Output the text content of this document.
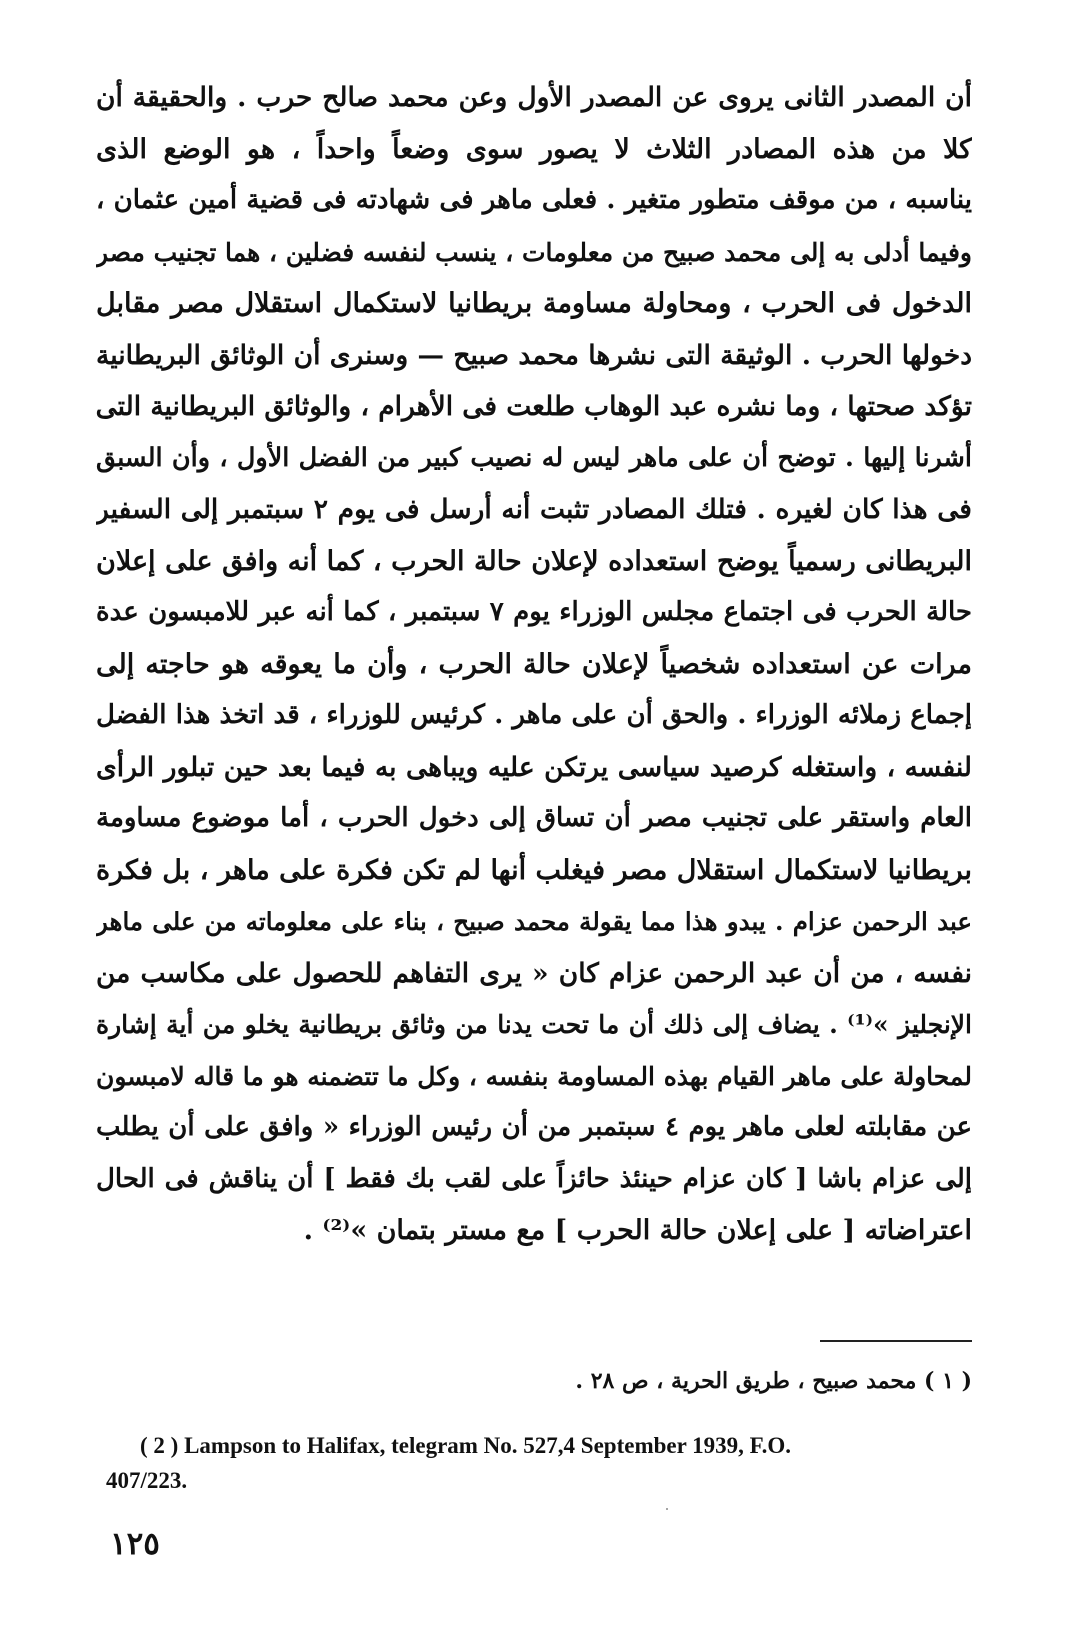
أن المصدر الثانى يروى عن المصدر الأول وعن محمد صالح حرب . والحقيقة أن
كلا من هذه المصادر الثلاث لا يصور سوى وضعاً واحداً ، هو الوضع الذى
يناسبه ، من موقف متطور متغير . فعلى ماهر فى شهادته فى قضية أمين عثمان ،
وفيما أدلى به إلى محمد صبيح من معلومات ، ينسب لنفسه فضلين ، هما تجنيب مصر
الدخول فى الحرب ، ومحاولة مساومة بريطانيا لاستكمال استقلال مصر مقابل
دخولها الحرب . الوثيقة التى نشرها محمد صبيح — وسنرى أن الوثائق البريطانية
تؤكد صحتها ، وما نشره عبد الوهاب طلعت فى الأهرام ، والوثائق البريطانية التى
أشرنا إليها . توضح أن على ماهر ليس له نصيب كبير من الفضل الأول ، وأن السبق
فى هذا كان لغيره . فتلك المصادر تثبت أنه أرسل فى يوم ٢ سبتمبر إلى السفير
البريطانى رسمياً يوضح استعداده لإعلان حالة الحرب ، كما أنه وافق على إعلان
حالة الحرب فى اجتماع مجلس الوزراء يوم ٧ سبتمبر ، كما أنه عبر للامبسون عدة
مرات عن استعداده شخصياً لإعلان حالة الحرب ، وأن ما يعوقه هو حاجته إلى
إجماع زملائه الوزراء . والحق أن على ماهر . كرئيس للوزراء ، قد اتخذ هذا الفضل
لنفسه ، واستغله كرصيد سياسى يرتكن عليه ويباهى به فيما بعد حين تبلور الرأى
العام واستقر على تجنيب مصر أن تساق إلى دخول الحرب ، أما موضوع مساومة
بريطانيا لاستكمال استقلال مصر فيغلب أنها لم تكن فكرة على ماهر ، بل فكرة
عبد الرحمن عزام . يبدو هذا مما يقولة محمد صبيح ، بناء على معلوماته من على ماهر
نفسه ، من أن عبد الرحمن عزام كان « يرى التفاهم للحصول على مكاسب من
الإنجليز »⁽¹⁾ . يضاف إلى ذلك أن ما تحت يدنا من وثائق بريطانية يخلو من أية إشارة
لمحاولة على ماهر القيام بهذه المساومة بنفسه ، وكل ما تتضمنه هو ما قاله لامبسون
عن مقابلته لعلى ماهر يوم ٤ سبتمبر من أن رئيس الوزراء « وافق على أن يطلب
إلى عزام باشا [ كان عزام حينئذ حائزاً على لقب بك فقط ] أن يناقش فى الحال
اعتراضاته [ على إعلان حالة الحرب ] مع مستر بتمان »⁽²⁾ .
( ١ ) محمد صبيح ، طريق الحرية ، ص ٢٨ .
( 2 ) Lampson to Halifax, telegram No. 527,4 September 1939, F.O.
407/223.
١٢٥
